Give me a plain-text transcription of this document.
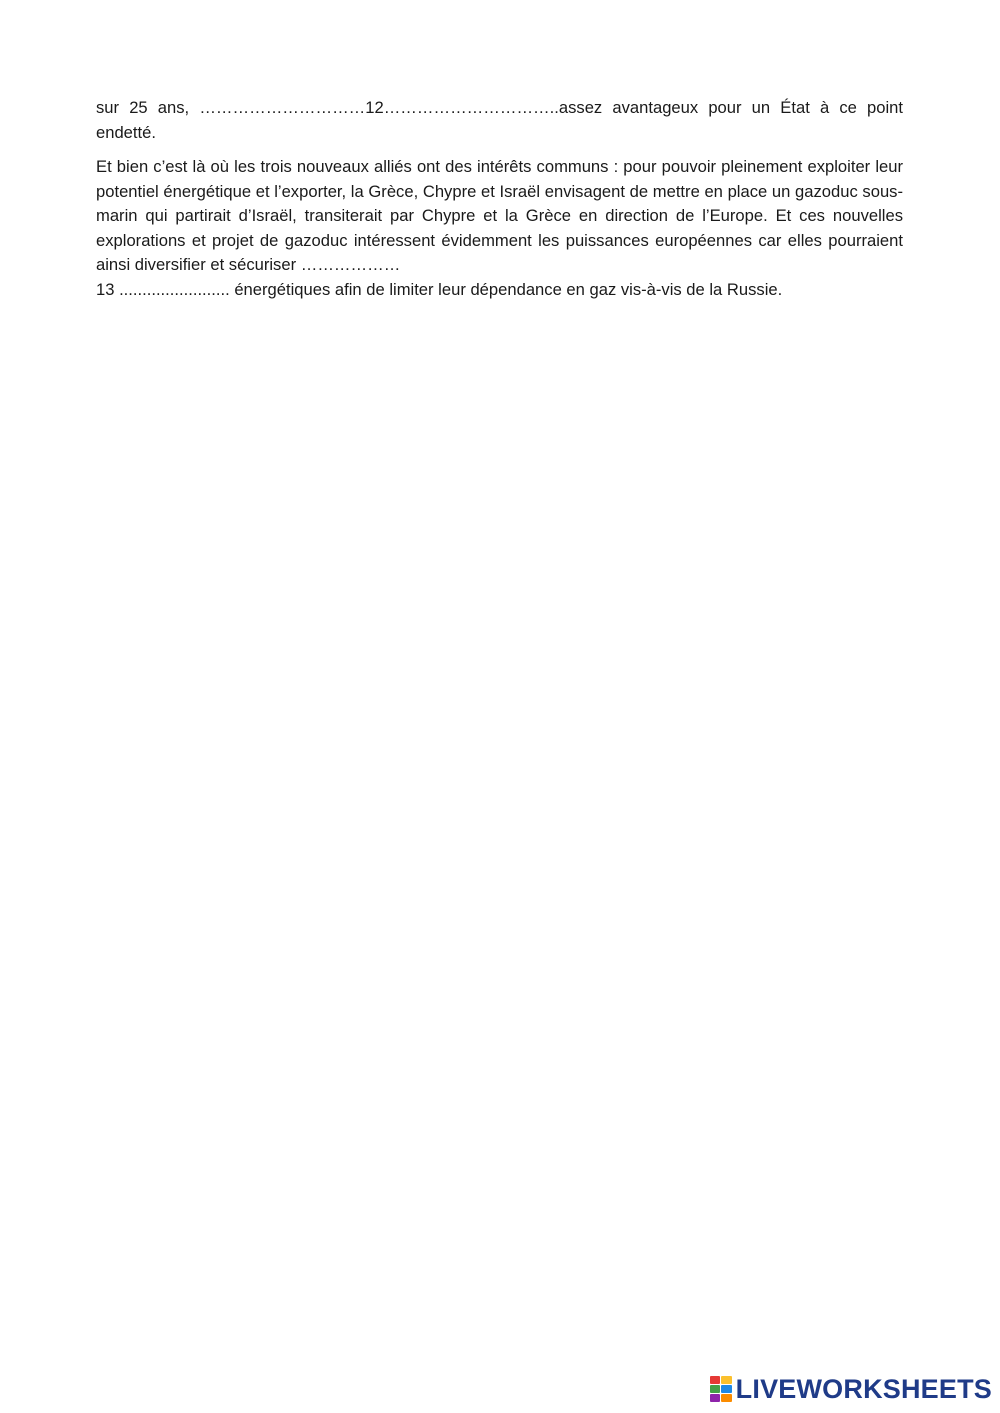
sur 25 ans, …………………………12…………………………..assez avantageux pour un État à ce point endetté.

Et bien c’est là où les trois nouveaux alliés ont des intérêts communs : pour pouvoir pleinement exploiter leur potentiel énergétique et l’exporter, la Grèce, Chypre et Israël envisagent de mettre en place un gazoduc sous-marin qui partirait d’Israël, transiterait par Chypre et la Grèce en direction de l’Europe. Et ces nouvelles explorations et projet de gazoduc intéressent évidemment les puissances européennes car elles pourraient ainsi diversifier et sécuriser ………………
13 ........................ énergétiques afin de limiter leur dépendance en gaz vis-à-vis de la Russie.

LIVEWORKSHEETS
